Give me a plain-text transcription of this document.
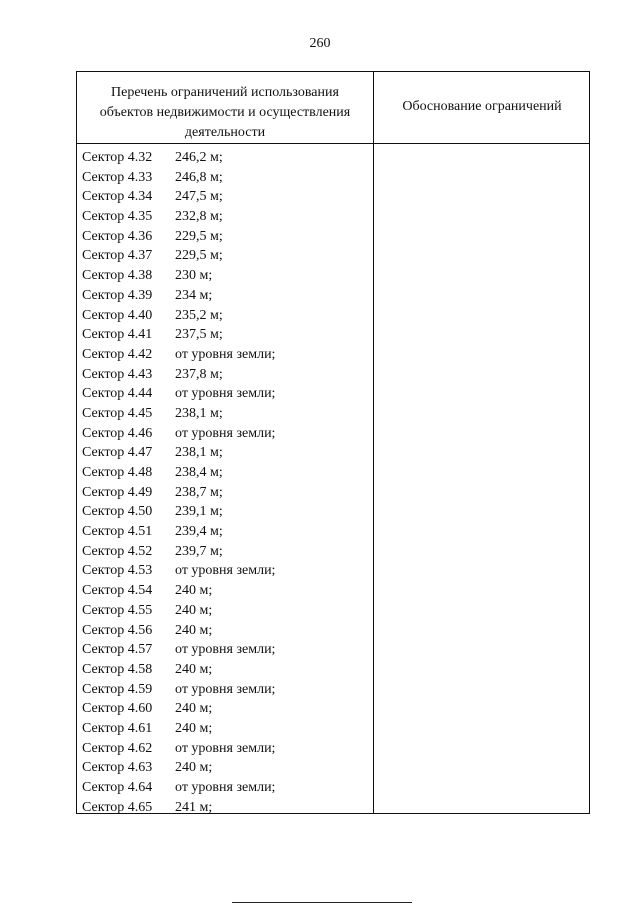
260
Перечень ограничений использования
объектов недвижимости и осуществления
деятельности
Обоснование ограничений
Сектор 4.32 246,2 м;
Сектор 4.33 246,8 м;
Сектор 4.34 247,5 м;
Сектор 4.35 232,8 м;
Сектор 4.36 229,5 м;
Сектор 4.37 229,5 м;
Сектор 4.38 230 м;
Сектор 4.39 234 м;
Сектор 4.40 235,2 м;
Сектор 4.41 237,5 м;
Сектор 4.42 от уровня земли;
Сектор 4.43 237,8 м;
Сектор 4.44 от уровня земли;
Сектор 4.45 238,1 м;
Сектор 4.46 от уровня земли;
Сектор 4.47 238,1 м;
Сектор 4.48 238,4 м;
Сектор 4.49 238,7 м;
Сектор 4.50 239,1 м;
Сектор 4.51 239,4 м;
Сектор 4.52 239,7 м;
Сектор 4.53 от уровня земли;
Сектор 4.54 240 м;
Сектор 4.55 240 м;
Сектор 4.56 240 м;
Сектор 4.57 от уровня земли;
Сектор 4.58 240 м;
Сектор 4.59 от уровня земли;
Сектор 4.60 240 м;
Сектор 4.61 240 м;
Сектор 4.62 от уровня земли;
Сектор 4.63 240 м;
Сектор 4.64 от уровня земли;
Сектор 4.65 241 м;
